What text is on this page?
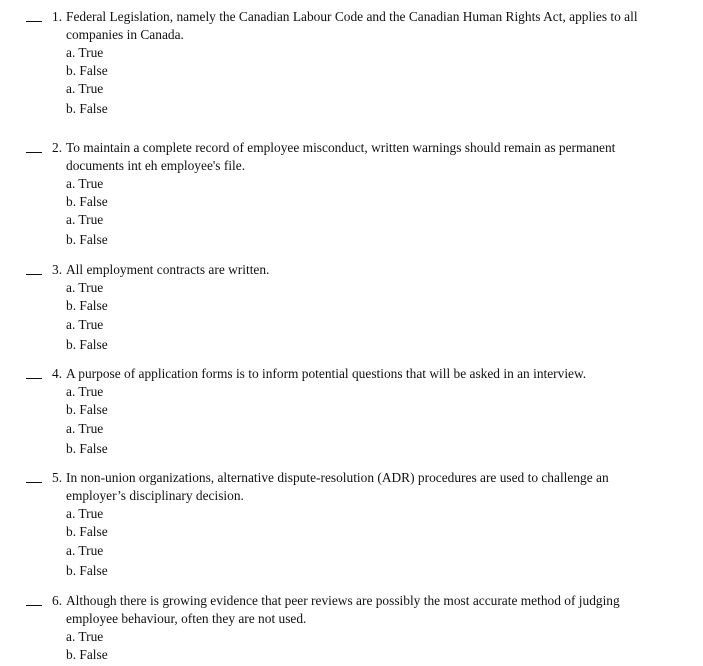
1. Federal Legislation, namely the Canadian Labour Code and the Canadian Human Rights Act, applies to all companies in Canada.
a. True
b. False
a. True
b. False
2. To maintain a complete record of employee misconduct, written warnings should remain as permanent documents int eh employee's file.
a. True
b. False
a. True
b. False
3. All employment contracts are written.
a. True
b. False
a. True
b. False
4. A purpose of application forms is to inform potential questions that will be asked in an interview.
a. True
b. False
a. True
b. False
5. In non-union organizations, alternative dispute-resolution (ADR) procedures are used to challenge an employer’s disciplinary decision.
a. True
b. False
a. True
b. False
6. Although there is growing evidence that peer reviews are possibly the most accurate method of judging employee behaviour, often they are not used.
a. True
b. False
